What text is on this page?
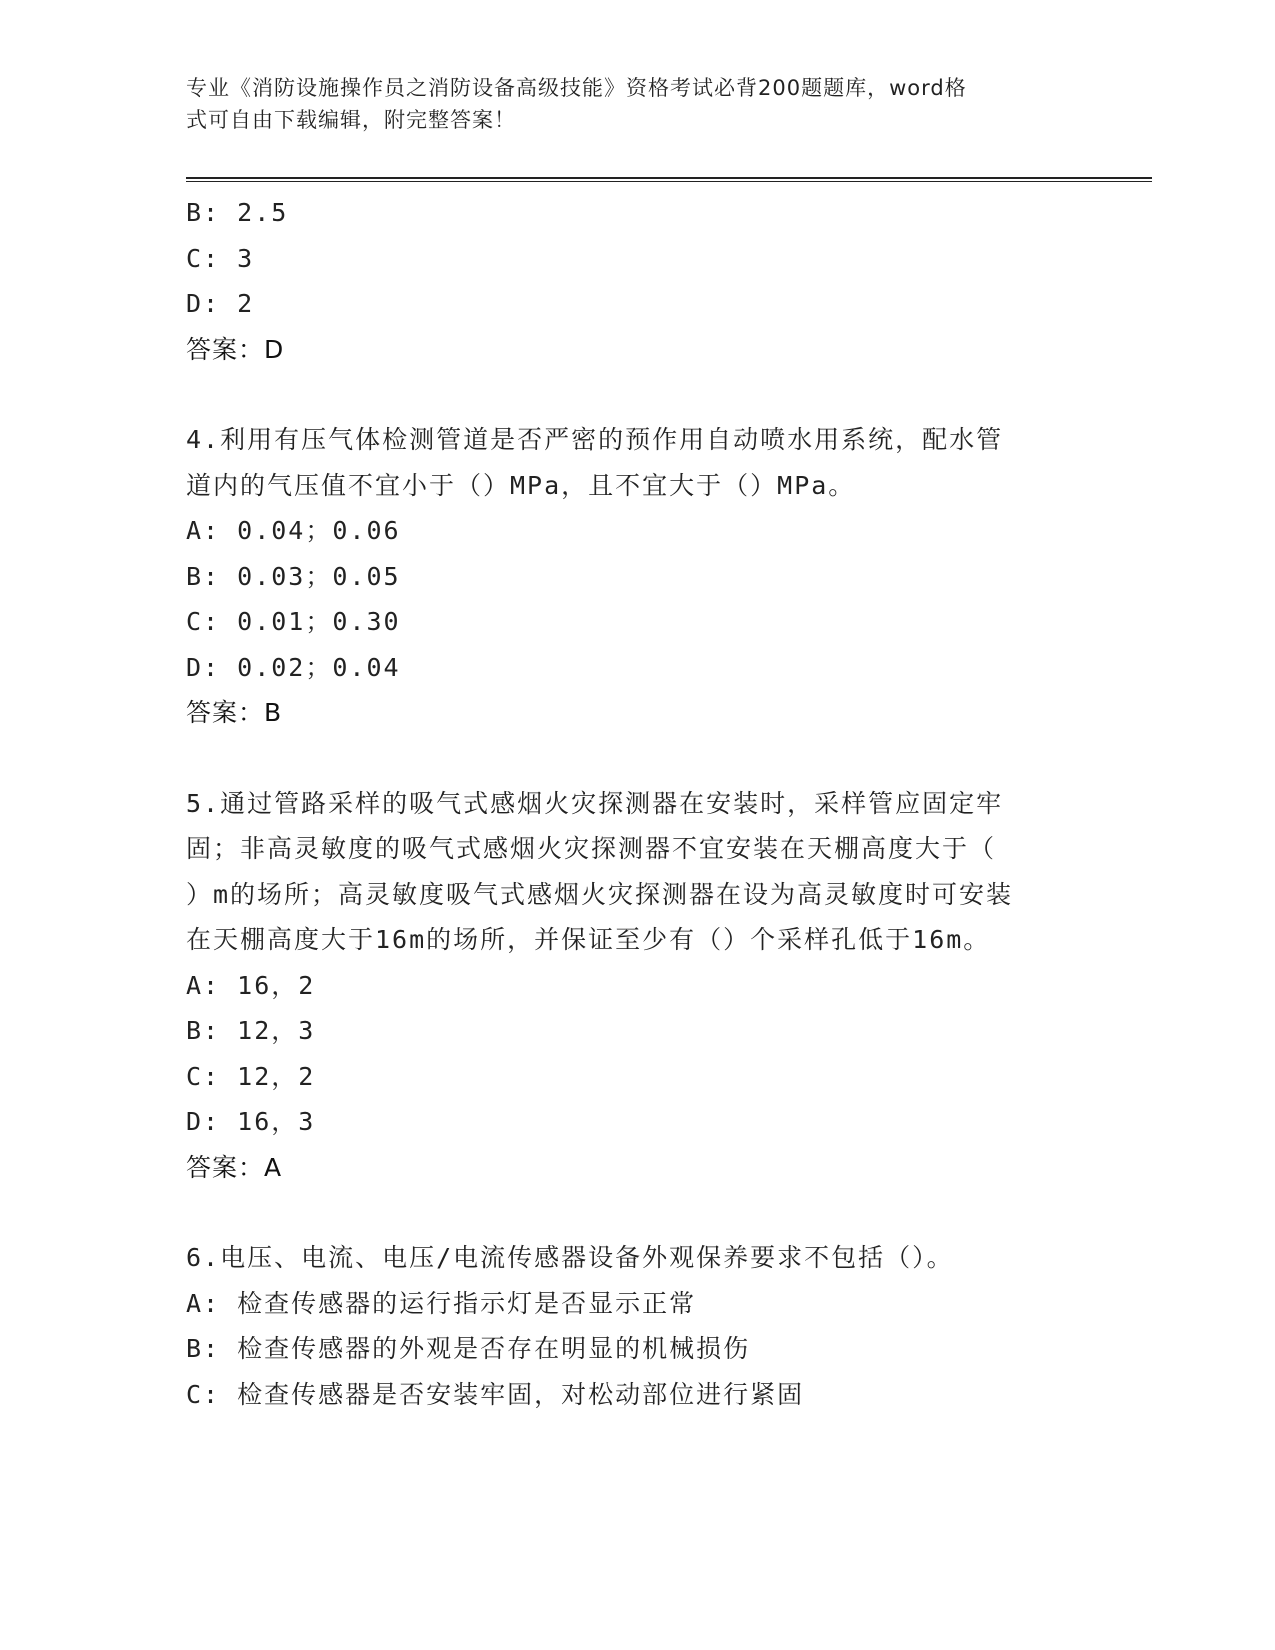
专业《消防设施操作员之消防设备高级技能》资格考试必背200题题库，word格
式可自由下载编辑，附完整答案！
B: 2.5
C: 3
D: 2
答案：D
4.利用有压气体检测管道是否严密的预作用自动喷水用系统，配水管
道内的气压值不宜小于（）MPa，且不宜大于（）MPa。
A: 0.04；0.06
B: 0.03；0.05
C: 0.01；0.30
D: 0.02；0.04
答案：B
5.通过管路采样的吸气式感烟火灾探测器在安装时，采样管应固定牢
固；非高灵敏度的吸气式感烟火灾探测器不宜安装在天棚高度大于（
）m的场所；高灵敏度吸气式感烟火灾探测器在设为高灵敏度时可安装
在天棚高度大于16m的场所，并保证至少有（）个采样孔低于16m。
A: 16，2
B: 12，3
C: 12，2
D: 16，3
答案：A
6.电压、电流、电压/电流传感器设备外观保养要求不包括（）。
A: 检查传感器的运行指示灯是否显示正常
B: 检查传感器的外观是否存在明显的机械损伤
C: 检查传感器是否安装牢固，对松动部位进行紧固
